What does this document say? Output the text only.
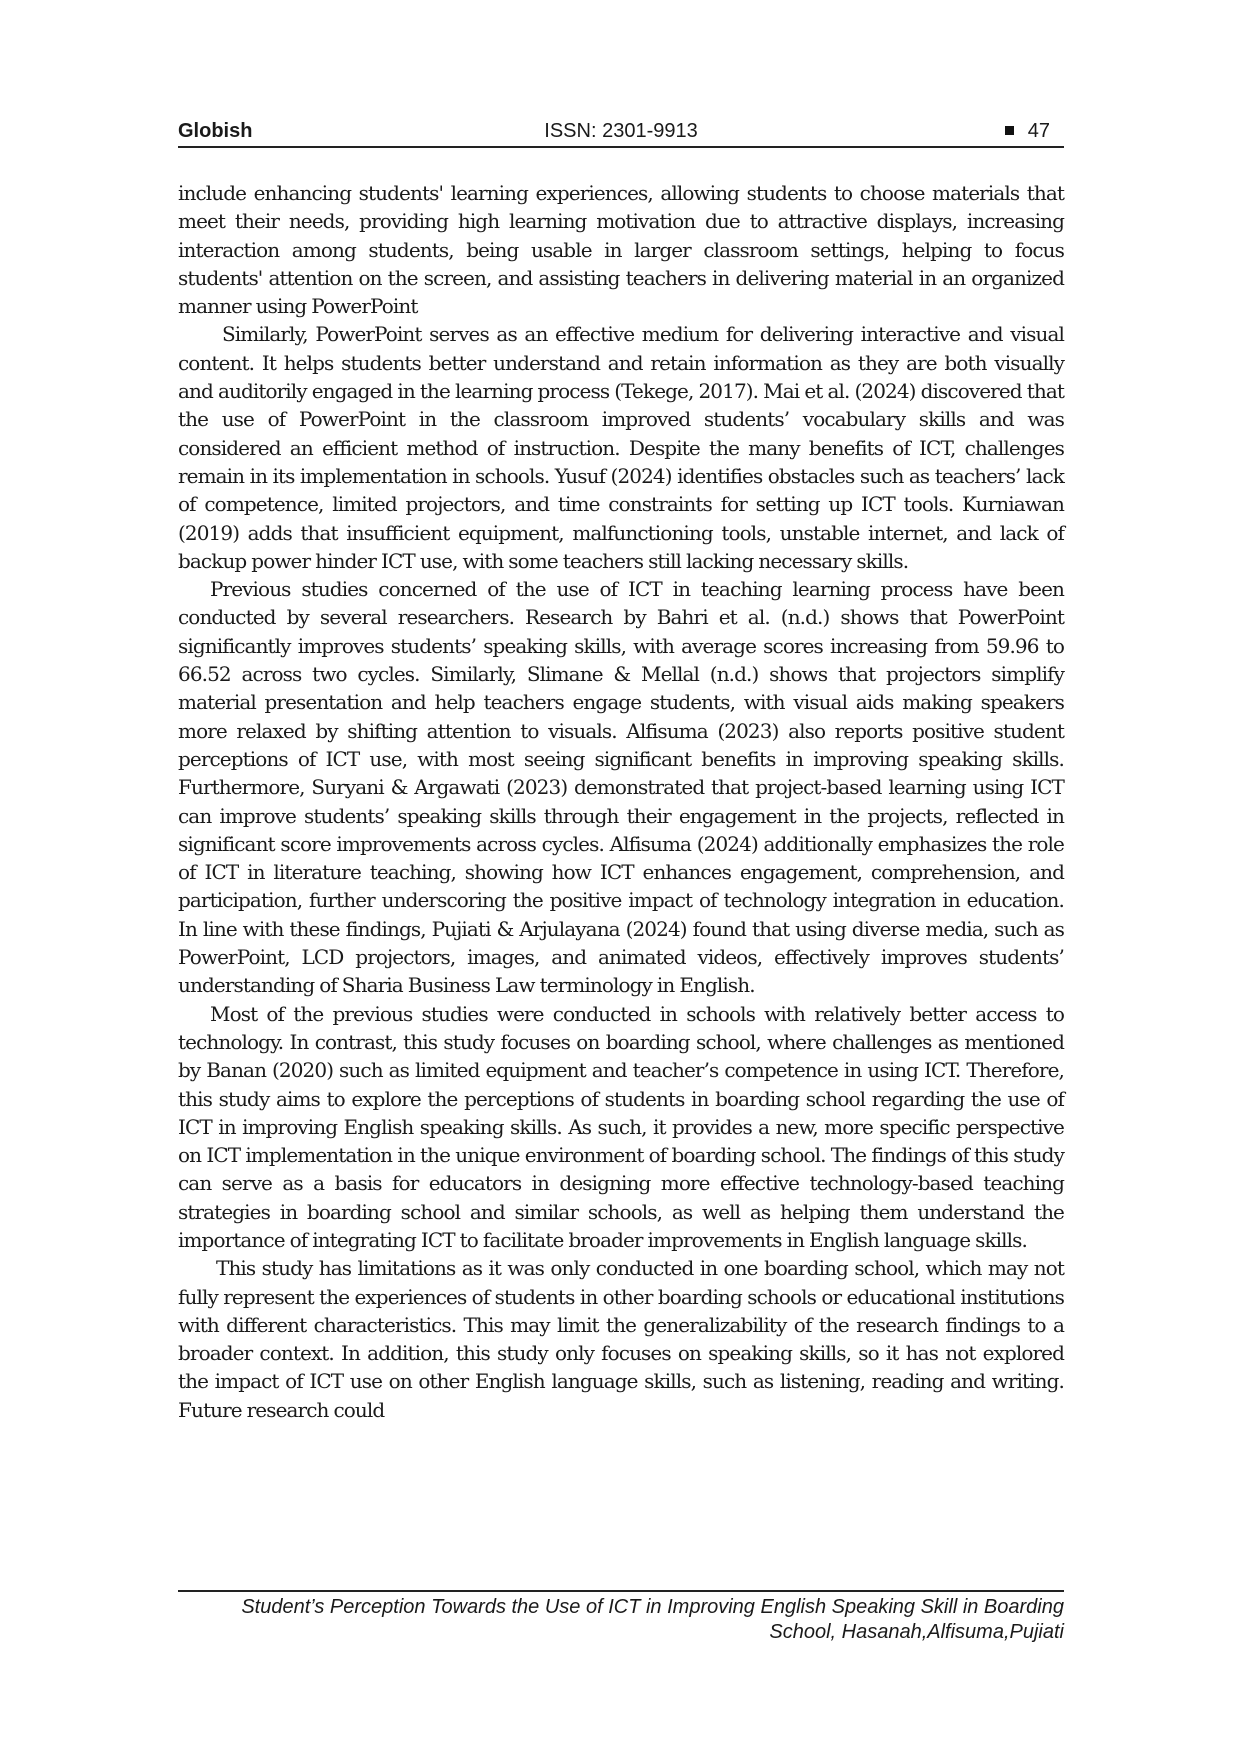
Globish	ISSN: 2301-9913	47

include enhancing students' learning experiences, allowing students to choose materials that meet their needs, providing high learning motivation due to attractive displays, increasing interaction among students, being usable in larger classroom settings, helping to focus students' attention on the screen, and assisting teachers in delivering material in an organized manner using PowerPoint

Similarly, PowerPoint serves as an effective medium for delivering interactive and visual content. It helps students better understand and retain information as they are both visually and auditorily engaged in the learning process (Tekege, 2017). Mai et al. (2024) discovered that the use of PowerPoint in the classroom improved students’ vocabulary skills and was considered an efficient method of instruction. Despite the many benefits of ICT, challenges remain in its implementation in schools. Yusuf (2024) identifies obstacles such as teachers’ lack of competence, limited projectors, and time constraints for setting up ICT tools. Kurniawan (2019) adds that insufficient equipment, malfunctioning tools, unstable internet, and lack of backup power hinder ICT use, with some teachers still lacking necessary skills.

Previous studies concerned of the use of ICT in teaching learning process have been conducted by several researchers. Research by Bahri et al. (n.d.) shows that PowerPoint significantly improves students’ speaking skills, with average scores increasing from 59.96 to 66.52 across two cycles. Similarly, Slimane & Mellal (n.d.) shows that projectors simplify material presentation and help teachers engage students, with visual aids making speakers more relaxed by shifting attention to visuals. Alfisuma (2023) also reports positive student perceptions of ICT use, with most seeing significant benefits in improving speaking skills. Furthermore, Suryani & Argawati (2023) demonstrated that project-based learning using ICT can improve students’ speaking skills through their engagement in the projects, reflected in significant score improvements across cycles. Alfisuma (2024) additionally emphasizes the role of ICT in literature teaching, showing how ICT enhances engagement, comprehension, and participation, further underscoring the positive impact of technology integration in education. In line with these findings, Pujiati & Arjulayana (2024) found that using diverse media, such as PowerPoint, LCD projectors, images, and animated videos, effectively improves students’ understanding of Sharia Business Law terminology in English.

Most of the previous studies were conducted in schools with relatively better access to technology. In contrast, this study focuses on boarding school, where challenges as mentioned by Banan (2020) such as limited equipment and teacher’s competence in using ICT. Therefore, this study aims to explore the perceptions of students in boarding school regarding the use of ICT in improving English speaking skills. As such, it provides a new, more specific perspective on ICT implementation in the unique environment of boarding school. The findings of this study can serve as a basis for educators in designing more effective technology-based teaching strategies in boarding school and similar schools, as well as helping them understand the importance of integrating ICT to facilitate broader improvements in English language skills.

This study has limitations as it was only conducted in one boarding school, which may not fully represent the experiences of students in other boarding schools or educational institutions with different characteristics. This may limit the generalizability of the research findings to a broader context. In addition, this study only focuses on speaking skills, so it has not explored the impact of ICT use on other English language skills, such as listening, reading and writing. Future research could

Student’s Perception Towards the Use of ICT in Improving English Speaking Skill in Boarding
School, Hasanah,Alfisuma,Pujiati
